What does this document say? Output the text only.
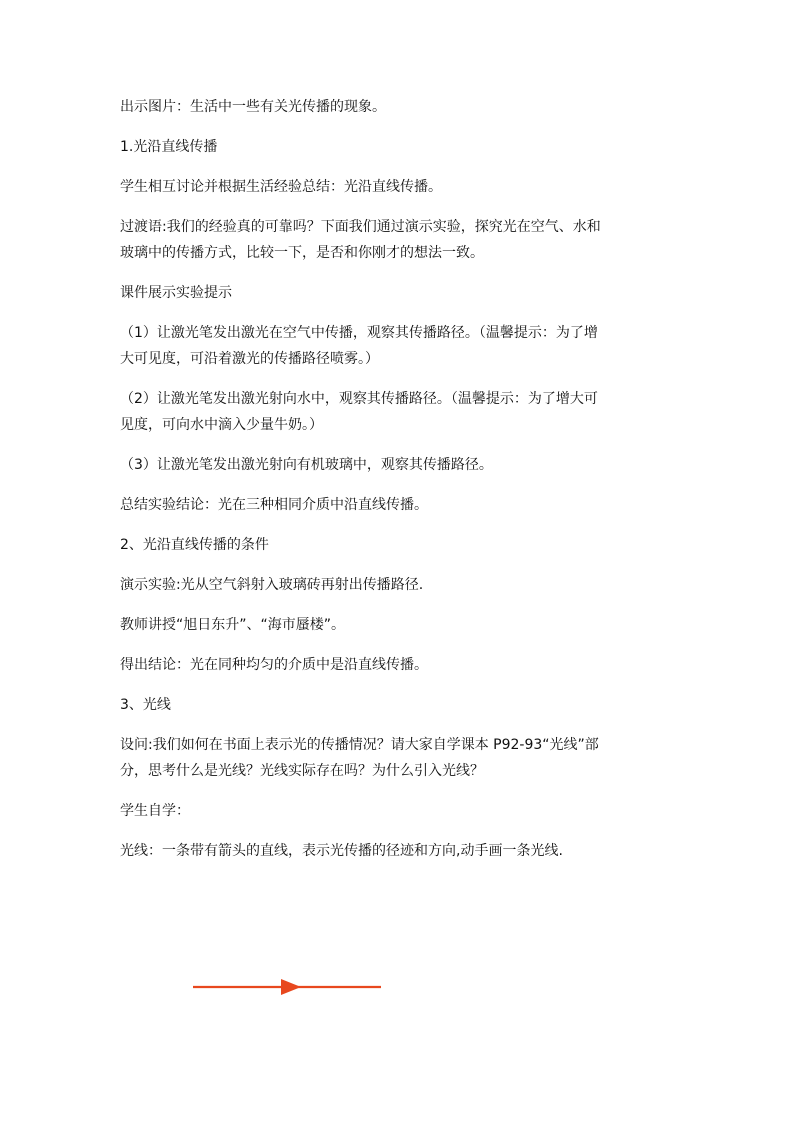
出示图片：生活中一些有关光传播的现象。

1.光沿直线传播

学生相互讨论并根据生活经验总结：光沿直线传播。

过渡语:我们的经验真的可靠吗？下面我们通过演示实验，探究光在空气、水和

玻璃中的传播方式，比较一下，是否和你刚才的想法一致。

课件展示实验提示

（1）让激光笔发出激光在空气中传播，观察其传播路径。（温馨提示：为了增

大可见度，可沿着激光的传播路径喷雾。）

（2）让激光笔发出激光射向水中，观察其传播路径。（温馨提示：为了增大可

见度，可向水中滴入少量牛奶。）

（3）让激光笔发出激光射向有机玻璃中，观察其传播路径。

总结实验结论：光在三种相同介质中沿直线传播。

2、光沿直线传播的条件

演示实验:光从空气斜射入玻璃砖再射出传播路径.

教师讲授“旭日东升”、“海市蜃楼”。

得出结论：光在同种均匀的介质中是沿直线传播。

3、光线

设问:我们如何在书面上表示光的传播情况？请大家自学课本 P92-93“光线”部

分，思考什么是光线？光线实际存在吗？为什么引入光线？

学生自学：

光线：一条带有箭头的直线，表示光传播的径迹和方向,动手画一条光线.
